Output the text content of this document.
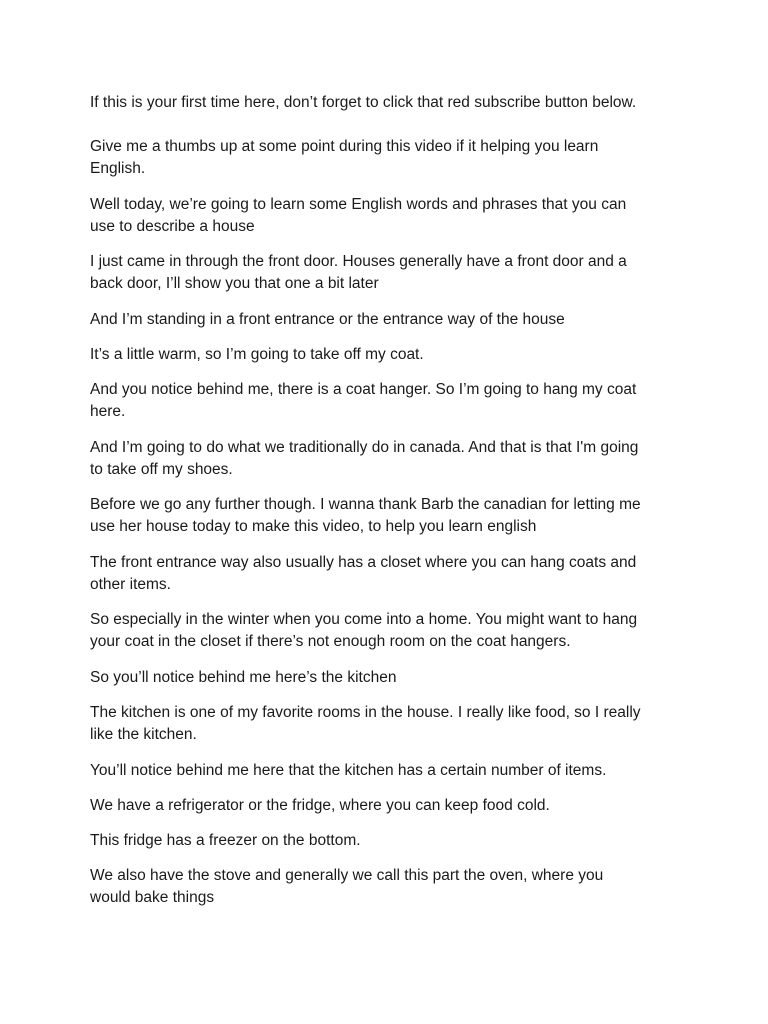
If this is your first time here, don’t forget to click that red subscribe button below.

Give me a thumbs up at some point during this video if it helping you learn
English.

Well today, we’re going to learn some English words and phrases that you can
use to describe a house

I just came in through the front door. Houses generally have a front door and a
back door, I’ll show you that one a bit later

And I’m standing in a front entrance or the entrance way of the house

It’s a little warm, so I’m going to take off my coat.

And you notice behind me, there is a coat hanger. So I’m going to hang my coat
here.

And I’m going to do what we traditionally do in canada. And that is that I'm going
to take off my shoes.

Before we go any further though. I wanna thank Barb the canadian for letting me
use her house today to make this video, to help you learn english

The front entrance way also usually has a closet where you can hang coats and
other items.

So especially in the winter when you come into a home. You might want to hang
your coat in the closet if there’s not enough room on the coat hangers.

So you’ll notice behind me here’s the kitchen

The kitchen is one of my favorite rooms in the house. I really like food, so I really
like the kitchen.

You’ll notice behind me here that the kitchen has a certain number of items.

We have a refrigerator or the fridge, where you can keep food cold.

This fridge has a freezer on the bottom.

We also have the stove and generally we call this part the oven, where you
would bake things
